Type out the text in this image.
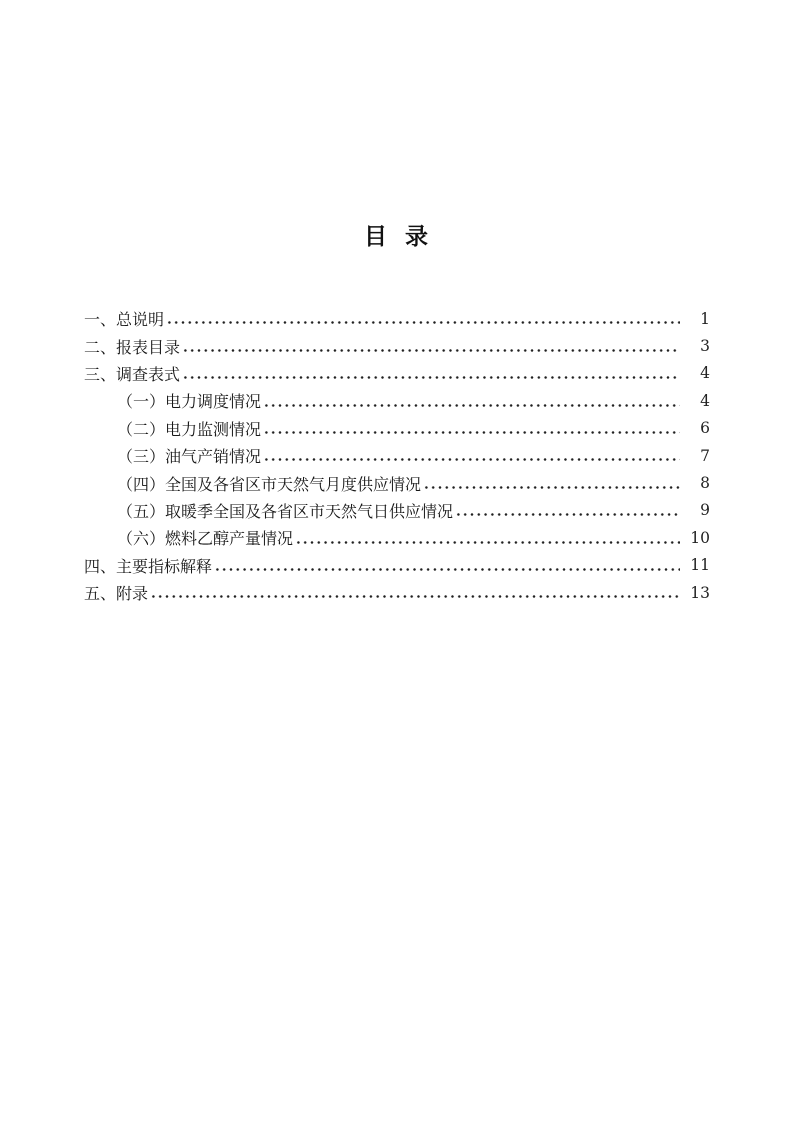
目 录
一、总说明	1
二、报表目录	3
三、调查表式	4
（一）电力调度情况	4
（二）电力监测情况	6
（三）油气产销情况	7
（四）全国及各省区市天然气月度供应情况	8
（五）取暖季全国及各省区市天然气日供应情况	9
（六）燃料乙醇产量情况	10
四、主要指标解释	11
五、附录	13
